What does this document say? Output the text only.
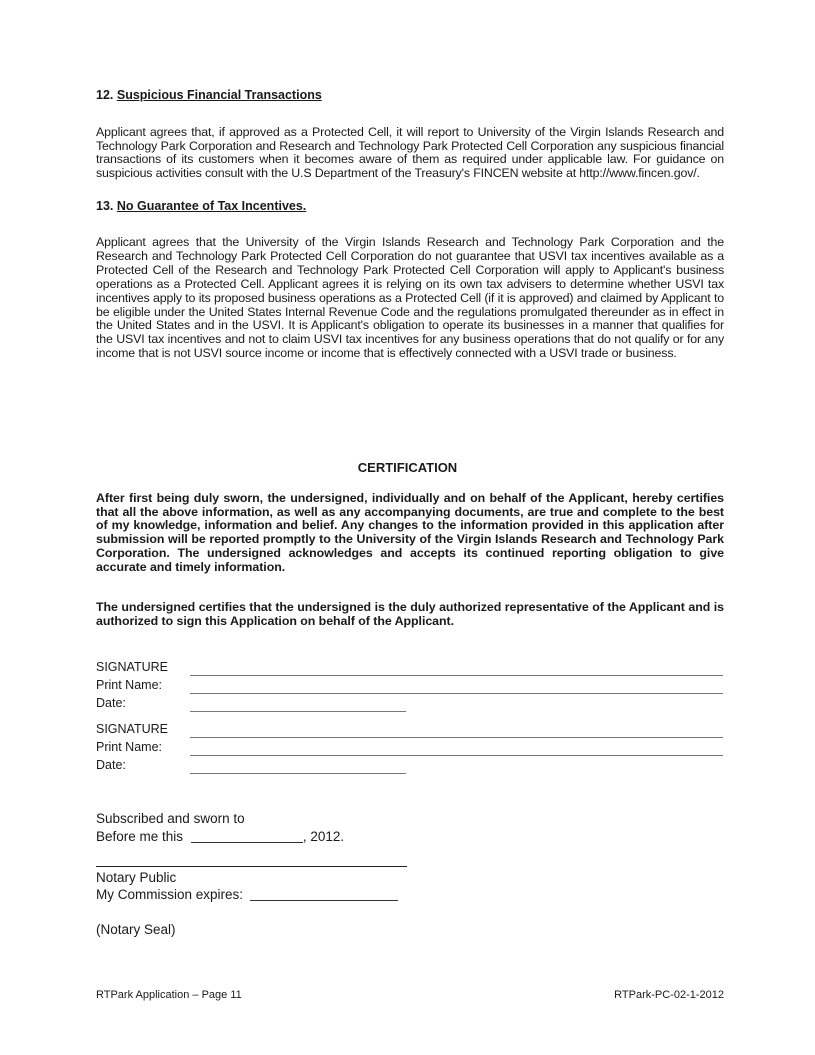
12. Suspicious Financial Transactions
Applicant agrees that, if approved as a Protected Cell, it will report to University of the Virgin Islands Research and Technology Park Corporation and Research and Technology Park Protected Cell Corporation any suspicious financial transactions of its customers when it becomes aware of them as required under applicable law. For guidance on suspicious activities consult with the U.S Department of the Treasury's FINCEN website at http://www.fincen.gov/.
13. No Guarantee of Tax Incentives.
Applicant agrees that the University of the Virgin Islands Research and Technology Park Corporation and the Research and Technology Park Protected Cell Corporation do not guarantee that USVI tax incentives available as a Protected Cell of the Research and Technology Park Protected Cell Corporation will apply to Applicant's business operations as a Protected Cell. Applicant agrees it is relying on its own tax advisers to determine whether USVI tax incentives apply to its proposed business operations as a Protected Cell (if it is approved) and claimed by Applicant to be eligible under the United States Internal Revenue Code and the regulations promulgated thereunder as in effect in the United States and in the USVI. It is Applicant's obligation to operate its businesses in a manner that qualifies for the USVI tax incentives and not to claim USVI tax incentives for any business operations that do not qualify or for any income that is not USVI source income or income that is effectively connected with a USVI trade or business.
CERTIFICATION
After first being duly sworn, the undersigned, individually and on behalf of the Applicant, hereby certifies that all the above information, as well as any accompanying documents, are true and complete to the best of my knowledge, information and belief. Any changes to the information provided in this application after submission will be reported promptly to the University of the Virgin Islands Research and Technology Park Corporation. The undersigned acknowledges and accepts its continued reporting obligation to give accurate and timely information.
The undersigned certifies that the undersigned is the duly authorized representative of the Applicant and is authorized to sign this Application on behalf of the Applicant.
SIGNATURE
Print Name:
Date:
SIGNATURE
Print Name:
Date:
Subscribed and sworn to
Before me this	, 2012.
Notary Public
My Commission expires:
(Notary Seal)
RTPark Application – Page 11	RTPark-PC-02-1-2012
